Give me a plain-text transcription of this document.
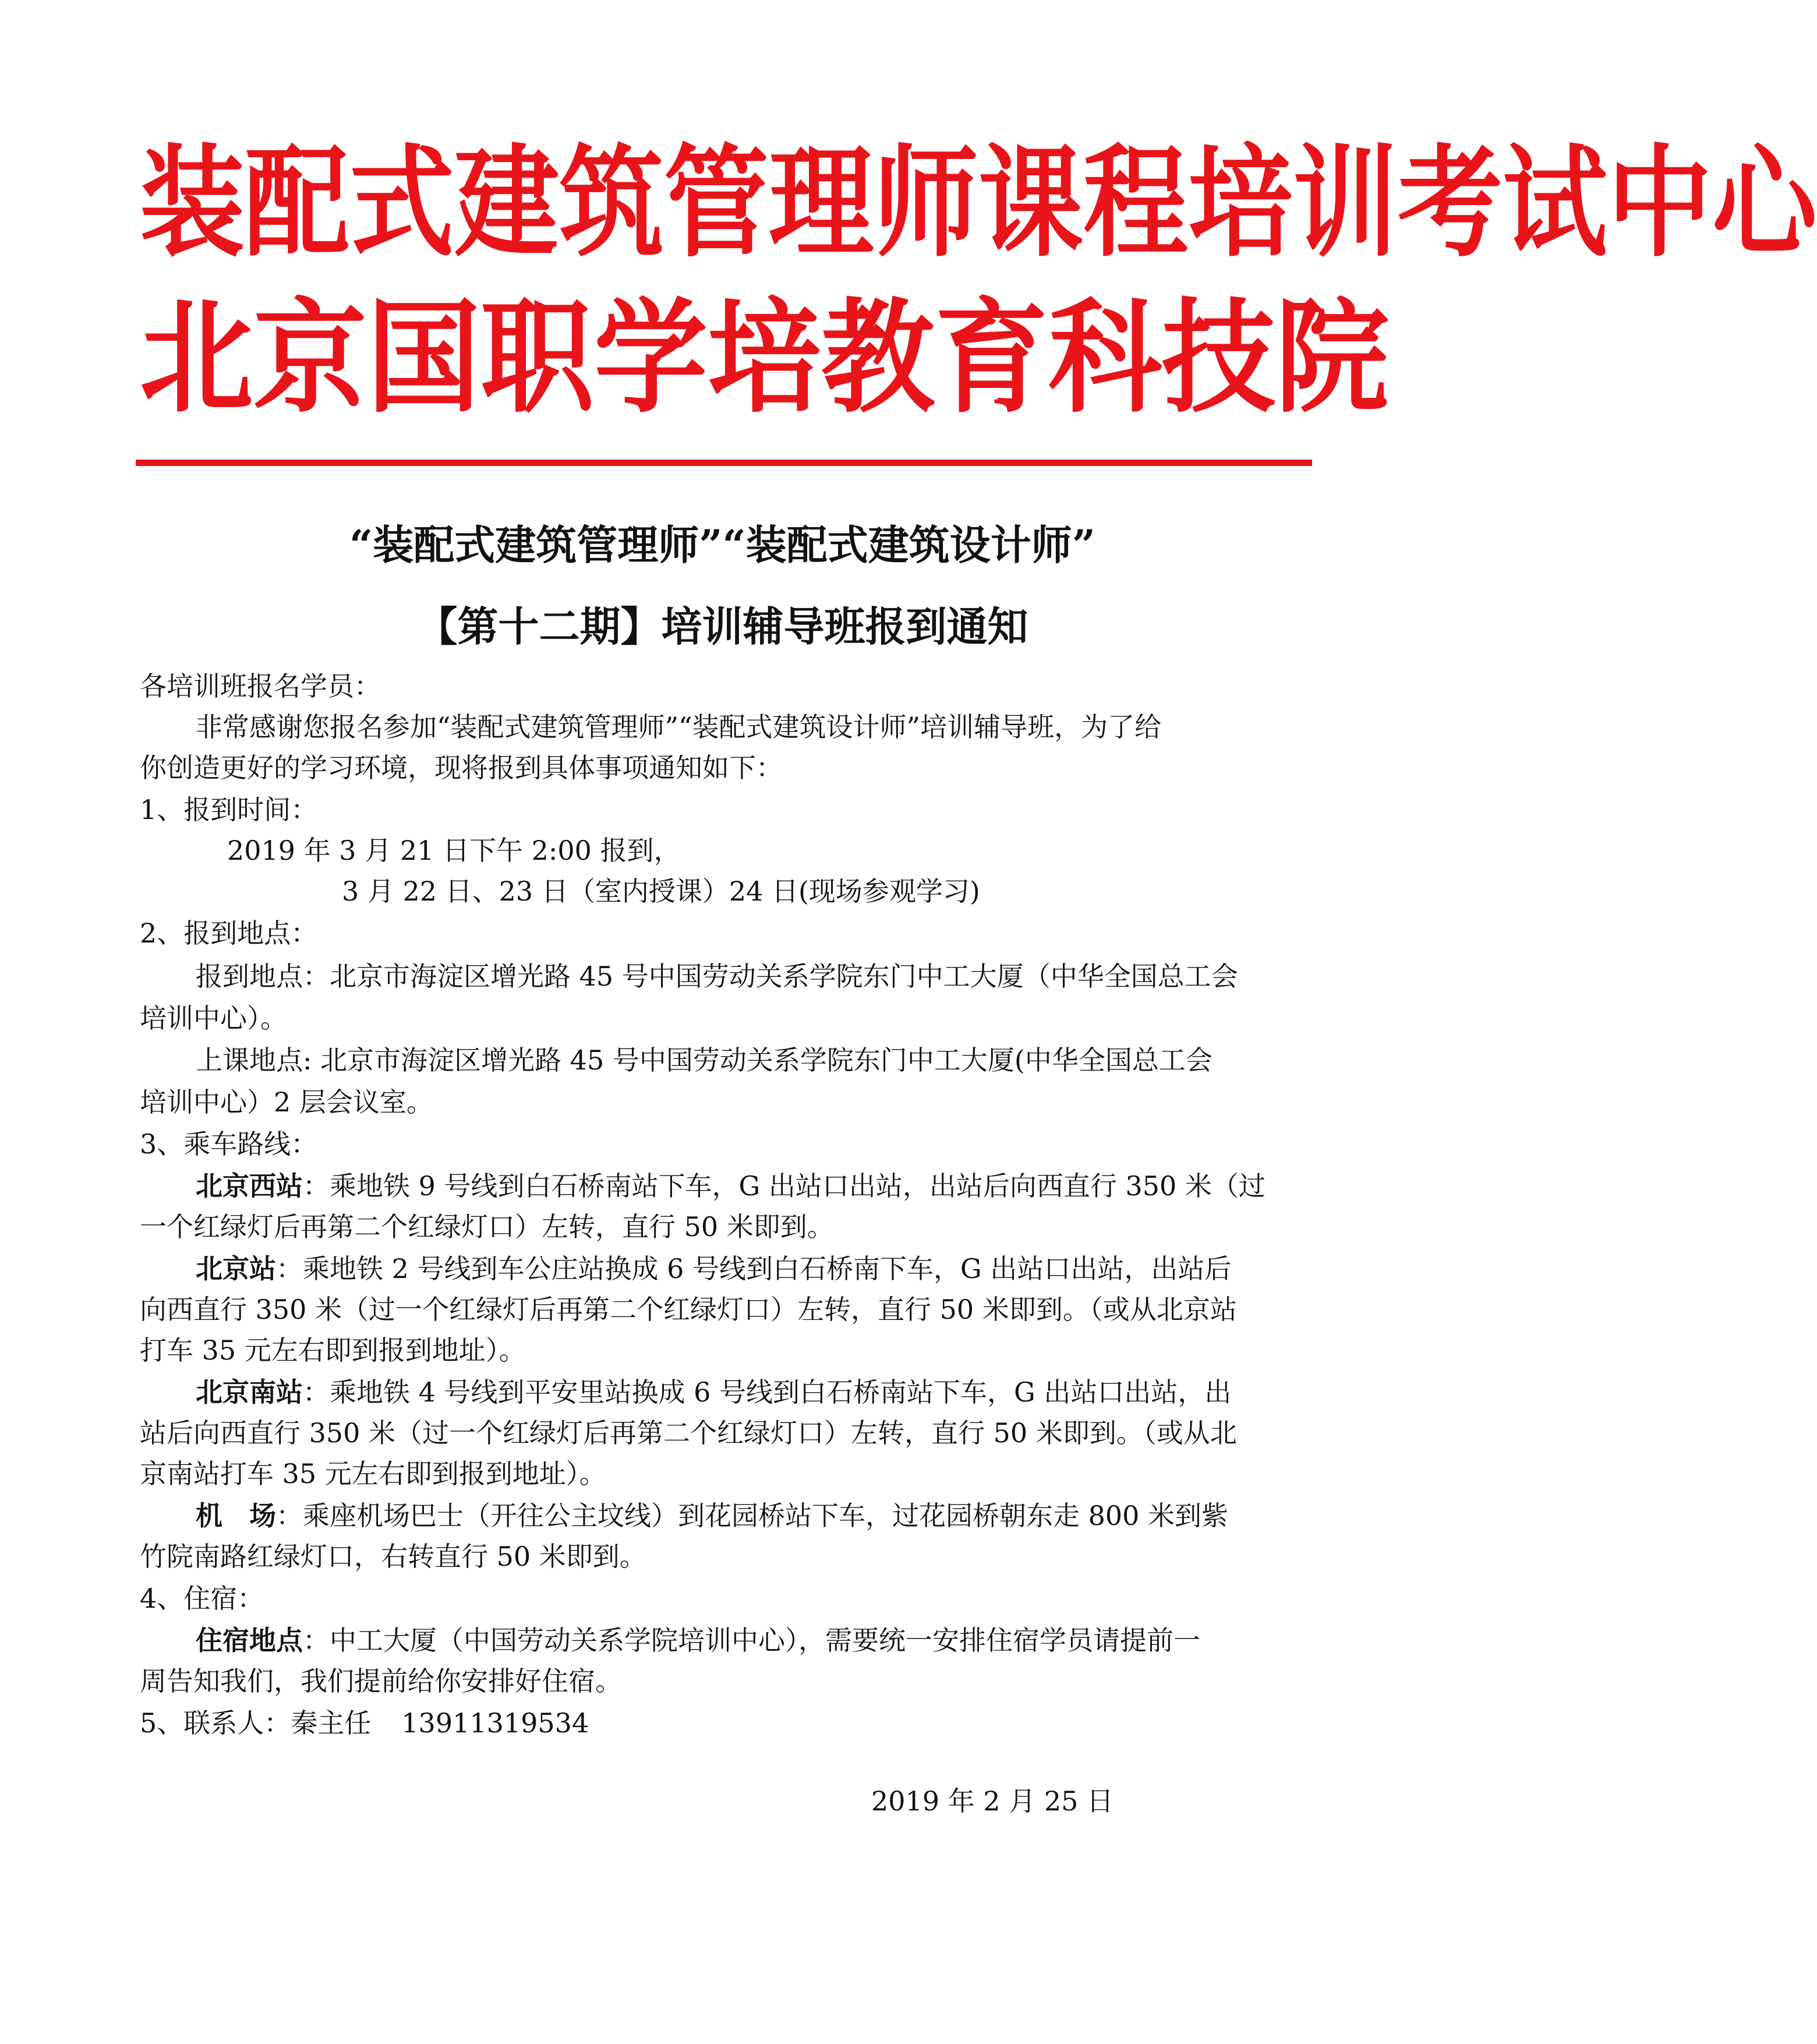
装配式建筑管理师课程培训考试中心
北京国职学培教育科技院
“装配式建筑管理师”“装配式建筑设计师”
【第十二期】培训辅导班报到通知
各培训班报名学员：
非常感谢您报名参加“装配式建筑管理师”“装配式建筑设计师”培训辅导班，为了给
你创造更好的学习环境，现将报到具体事项通知如下：
1、报到时间：
2019 年 3 月 21 日下午 2:00 报到，
3 月 22 日、23 日（室内授课）24 日(现场参观学习)
2、报到地点：
报到地点：北京市海淀区增光路 45 号中国劳动关系学院东门中工大厦（中华全国总工会
培训中心）。
上课地点: 北京市海淀区增光路 45 号中国劳动关系学院东门中工大厦(中华全国总工会
培训中心）2 层会议室。
3、乘车路线：
北京西站：乘地铁 9 号线到白石桥南站下车，G 出站口出站，出站后向西直行 350 米（过
一个红绿灯后再第二个红绿灯口）左转，直行 50 米即到。
北京站：乘地铁 2 号线到车公庄站换成 6 号线到白石桥南下车，G 出站口出站，出站后
向西直行 350 米（过一个红绿灯后再第二个红绿灯口）左转，直行 50 米即到。（或从北京站
打车 35 元左右即到报到地址）。
北京南站：乘地铁 4 号线到平安里站换成 6 号线到白石桥南站下车，G 出站口出站，出
站后向西直行 350 米（过一个红绿灯后再第二个红绿灯口）左转，直行 50 米即到。（或从北
京南站打车 35 元左右即到报到地址）。
机　场：乘座机场巴士（开往公主坟线）到花园桥站下车，过花园桥朝东走 800 米到紫
竹院南路红绿灯口，右转直行 50 米即到。
4、住宿：
住宿地点：中工大厦（中国劳动关系学院培训中心），需要统一安排住宿学员请提前一
周告知我们，我们提前给你安排好住宿。
5、联系人：秦主任 13911319534
2019 年 2 月 25 日
